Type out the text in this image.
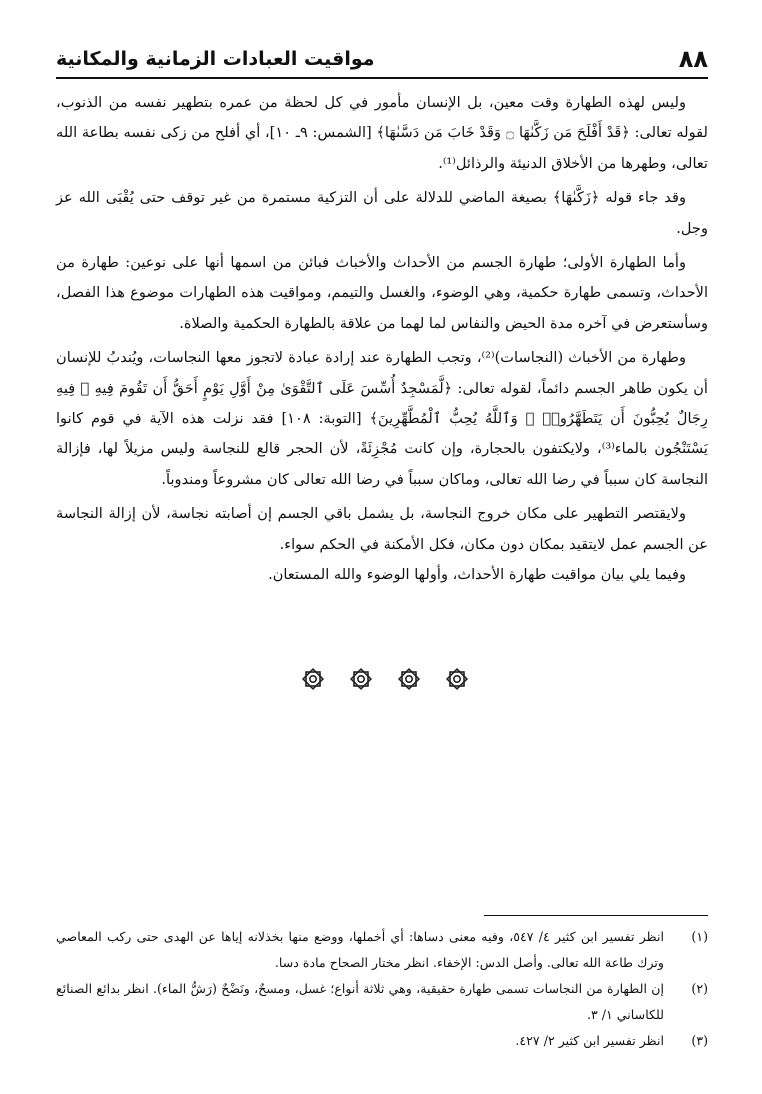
٨٨
مواقيت العبادات الزمانية والمكانية

وليس لهذه الطهارة وقت معين، بل الإنسان مأمور في كل لحظة من عمره بتطهير نفسه من الذنوب، لقوله تعالى: ﴿قَدْ أَفْلَحَ مَن زَكَّىٰهَا ۝ وَقَدْ خَابَ مَن دَسَّىٰهَا﴾ [الشمس: ٩ـ ١٠]، أي أفلح من زكى نفسه بطاعة الله تعالى، وطهرها من الأخلاق الدنيئة والرذائل⁽¹⁾.

وقد جاء قوله ﴿زَكَّىٰهَا﴾ بصيغة الماضي للدلالة على أن التزكية مستمرة من غير توقف حتى يُقْبَى الله عز وجل.

وأما الطهارة الأولى؛ طهارة الجسم من الأحداث والأخباث فبائن من اسمها أنها على نوعين: طهارة من الأحداث، وتسمى طهارة حكمية، وهي الوضوء، والغسل والتيمم، ومواقيت هذه الطهارات موضوع هذا الفصل، وسأستعرض في آخره مدة الحيض والنفاس لما لهما من علاقة بالطهارة الحكمية والصلاة.

وطهارة من الأخباث (النجاسات)⁽²⁾، وتجب الطهارة عند إرادة عبادة لاتجوز معها النجاسات، ويُندبُ للإنسان أن يكون طاهر الجسم دائماً، لقوله تعالى: ﴿لَّمَسْجِدٌ أُسِّسَ عَلَى ٱلتَّقْوَىٰ مِنْ أَوَّلِ يَوْمٍ أَحَقُّ أَن تَقُومَ فِيهِ ۚ فِيهِ رِجَالٌ يُحِبُّونَ أَن يَتَطَهَّرُوا۟ ۚ وَٱللَّهُ يُحِبُّ ٱلْمُطَّهِّرِينَ﴾ [التوبة: ١٠٨] فقد نزلت هذه الآية في قوم كانوا يَسْتَنْجُون بالماء⁽³⁾، ولايكتفون بالحجارة، وإن كانت مُجْزِئَةً، لأن الحجر قالع للنجاسة وليس مزيلاً لها، فإزالة النجاسة كان سبباً في رضا الله تعالى، وماكان سبباً في رضا الله تعالى كان مشروعاً ومندوباً.

ولايقتصر التطهير على مكان خروج النجاسة، بل يشمل باقي الجسم إن أصابته نجاسة، لأن إزالة النجاسة عن الجسم عمل لايتقيد بمكان دون مكان، فكل الأمكنة في الحكم سواء.

وفيما يلي بيان مواقيت طهارة الأحداث، وأولها الوضوء والله المستعان.

(١)
انظر تفسير ابن كثير ٤/ ٥٤٧، وفيه معنى دساها: أي أخملها، ووضع منها بخذلانه إياها عن الهدى حتى ركب المعاصي وترك طاعة الله تعالى. وأصل الدس: الإخفاء. انظر مختار الصحاح مادة دسا.
(٢)
إن الطهارة من النجاسات تسمى طهارة حقيقية، وهي ثلاثة أنواع؛ غسل، ومسحٌ، ونَضْحٌ (رَشُّ الماء). انظر بدائع الصنائع للكاساني ١/ ٣.
(٣)
انظر تفسير ابن كثير ٢/ ٤٢٧.
